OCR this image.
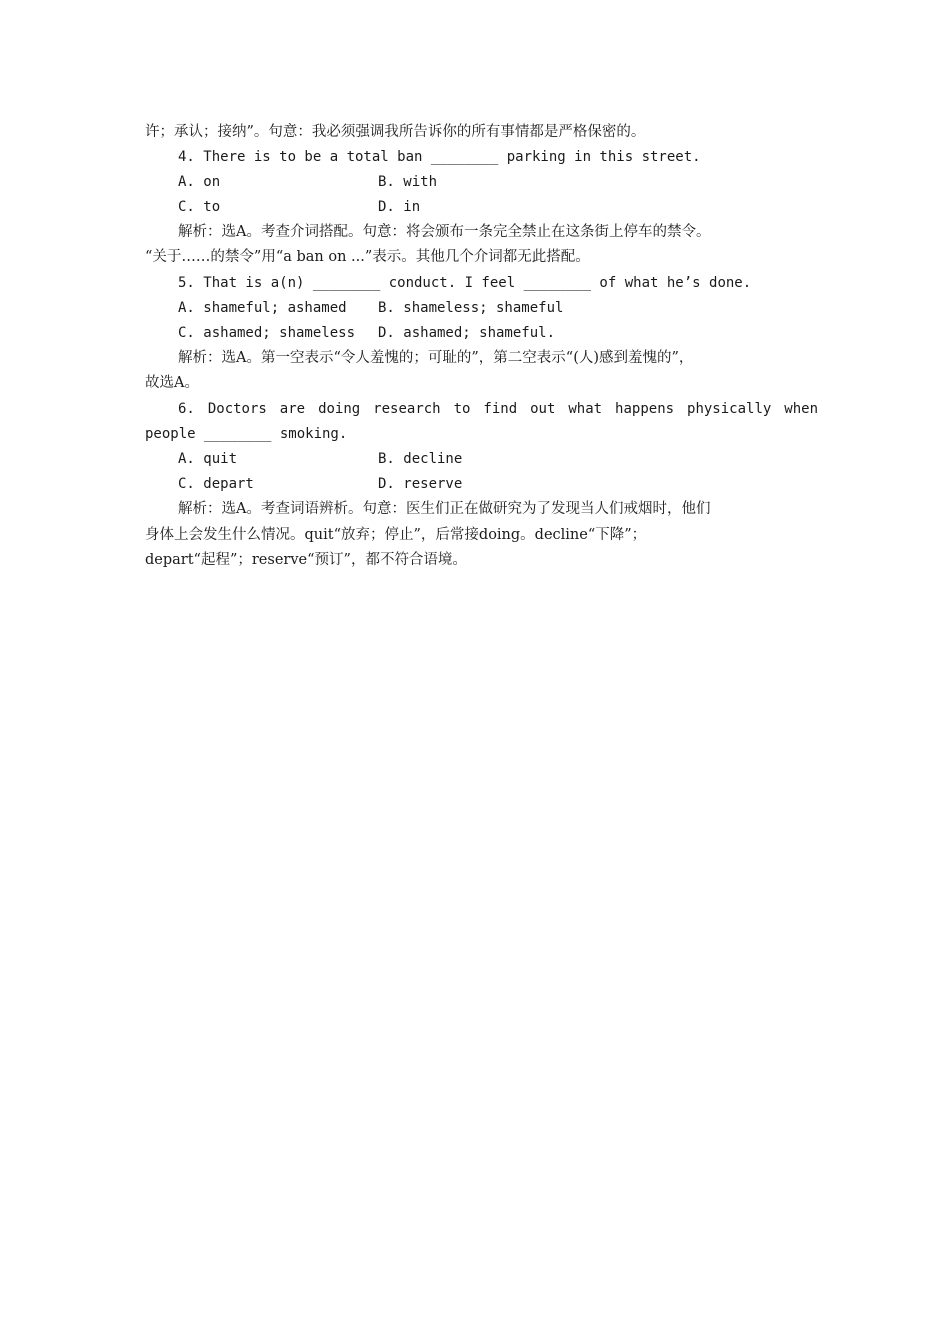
许；承认；接纳”。句意：我必须强调我所告诉你的所有事情都是严格保密的。
4. There is to be a total ban ________ parking in this street.
A. on	B. with
C. to	D. in
解析：选A。考查介词搭配。句意：将会颁布一条完全禁止在这条街上停车的禁令。
“关于……的禁令”用“a ban on ...”表示。其他几个介词都无此搭配。
5. That is a(n) ________ conduct. I feel ________ of what he’s done.
A. shameful; ashamed B. shameless; shameful
C. ashamed; shameless D. ashamed; shameful.
解析：选A。第一空表示“令人羞愧的；可耻的”，第二空表示“(人)感到羞愧的”，
故选A。
6. Doctors are doing research to find out what happens physically when
people ________ smoking.
A. quit	B. decline
C. depart	D. reserve
解析：选A。考查词语辨析。句意：医生们正在做研究为了发现当人们戒烟时，他们
身体上会发生什么情况。quit“放弃；停止”，后常接doing。decline“下降”；
depart“起程”；reserve“预订”，都不符合语境。
